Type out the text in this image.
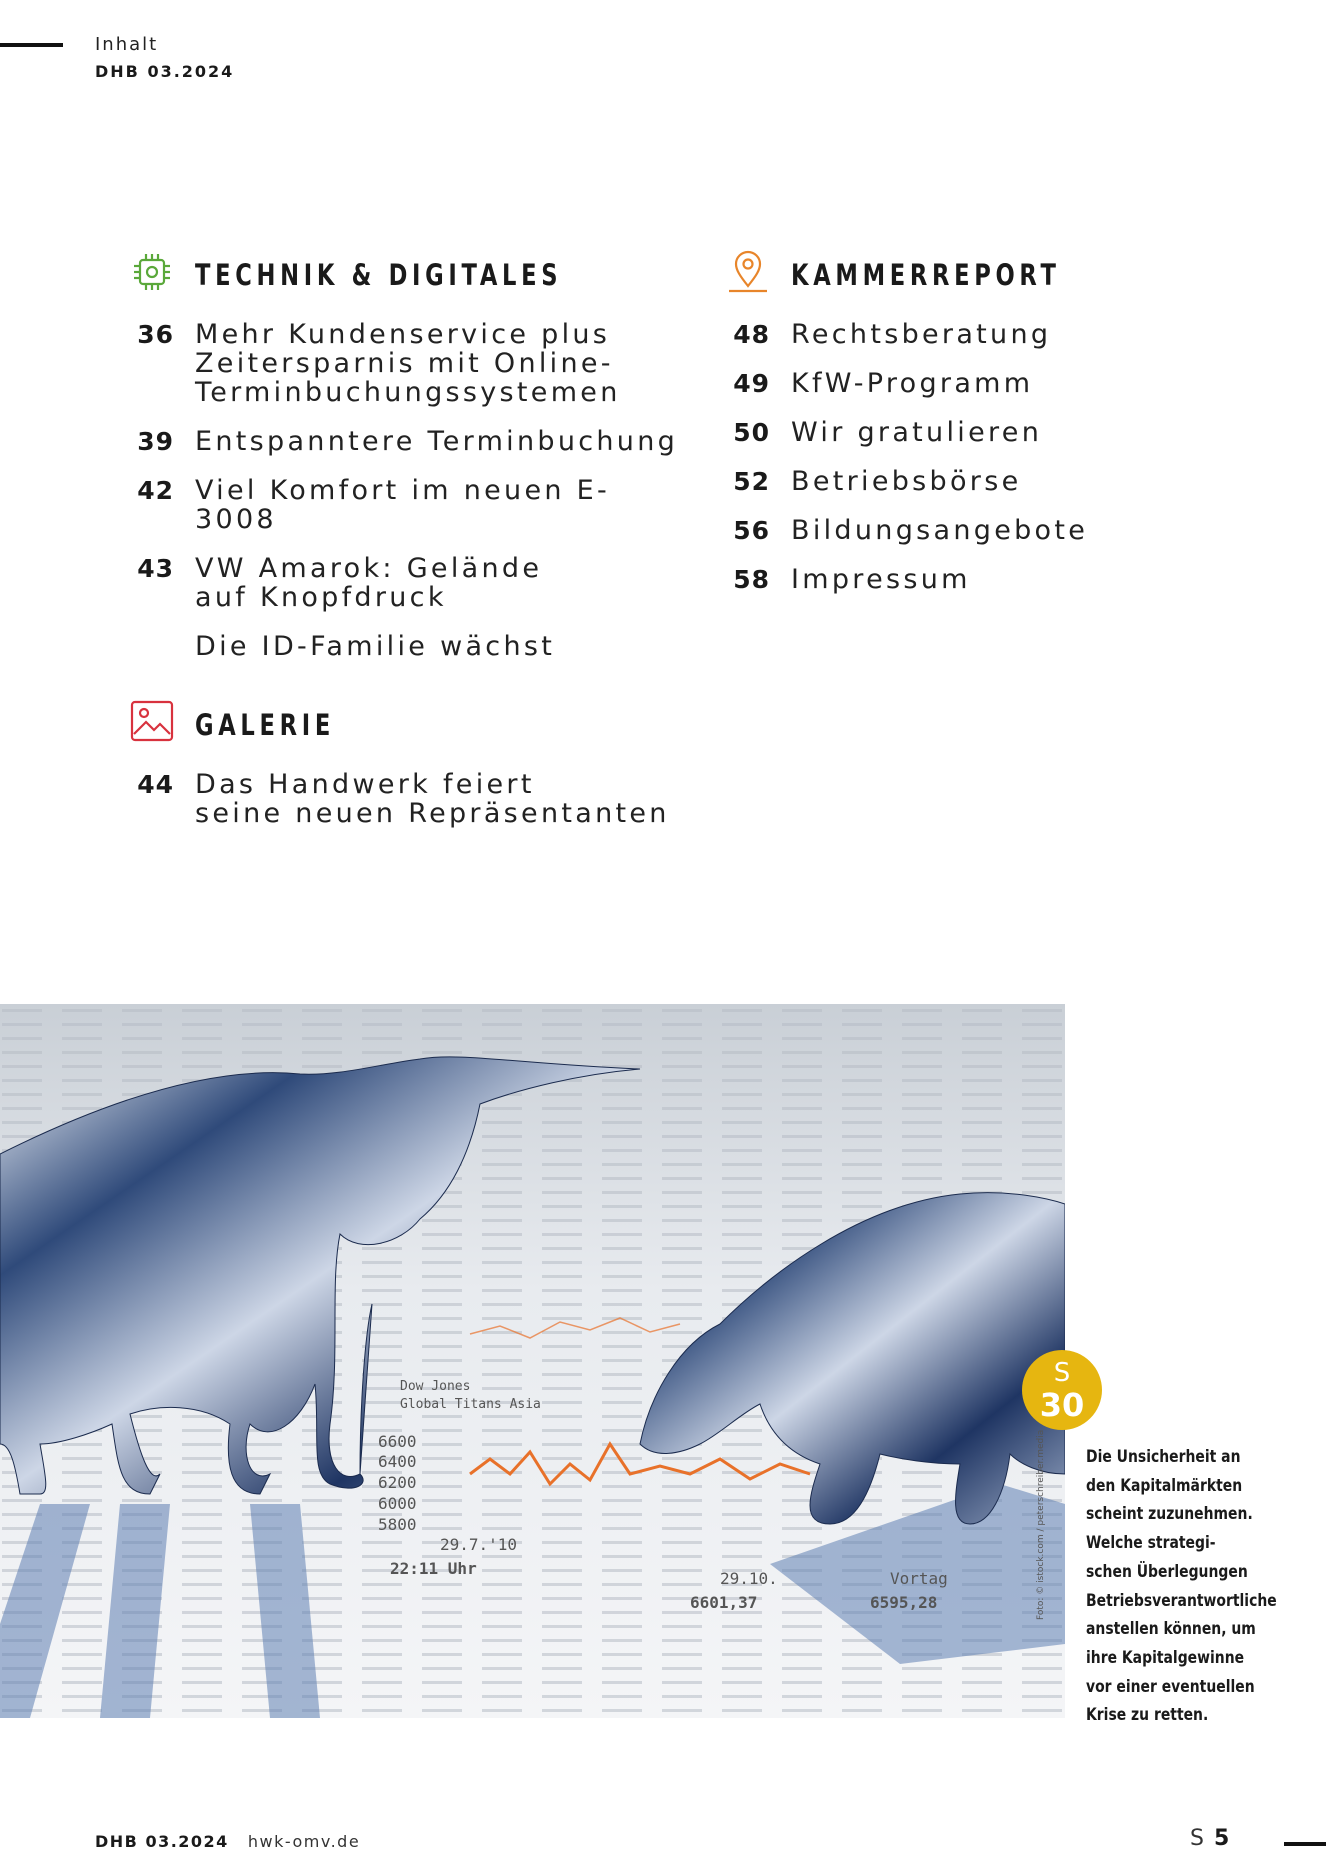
Inhalt
DHB 03.2024
TECHNIK & DIGITALES
36 Mehr Kundenservice plus
Zeitersparnis mit Online-
Terminbuchungssystemen
39 Entspanntere Terminbuchung
42 Viel Komfort im neuen E-3008
43 VW Amarok: Gelände
auf Knopfdruck
Die ID-Familie wächst
GALERIE
44 Das Handwerk feiert
seine neuen Repräsentanten
KAMMERREPORT
48 Rechtsberatung
49 KfW-Programm
50 Wir gratulieren
52 Betriebsbörse
56 Bildungsangebote
58 Impressum
6600
6400
6200
6000
5800
29.7.'10
22:11 Uhr
29.10.	Vortag
6601,37	6595,28
Dow Jones
Global Titans Asia
Foto: © istock.com / peterschreiber.media
S
30
Die Unsicherheit an
den Kapitalmärkten
scheint zuzunehmen.
Welche strategi-
schen Überlegungen
Betriebsverantwortliche
anstellen können, um
ihre Kapitalgewinne
vor einer eventuellen
Krise zu retten.
DHB 03.2024 hwk-omv.de	S 5
